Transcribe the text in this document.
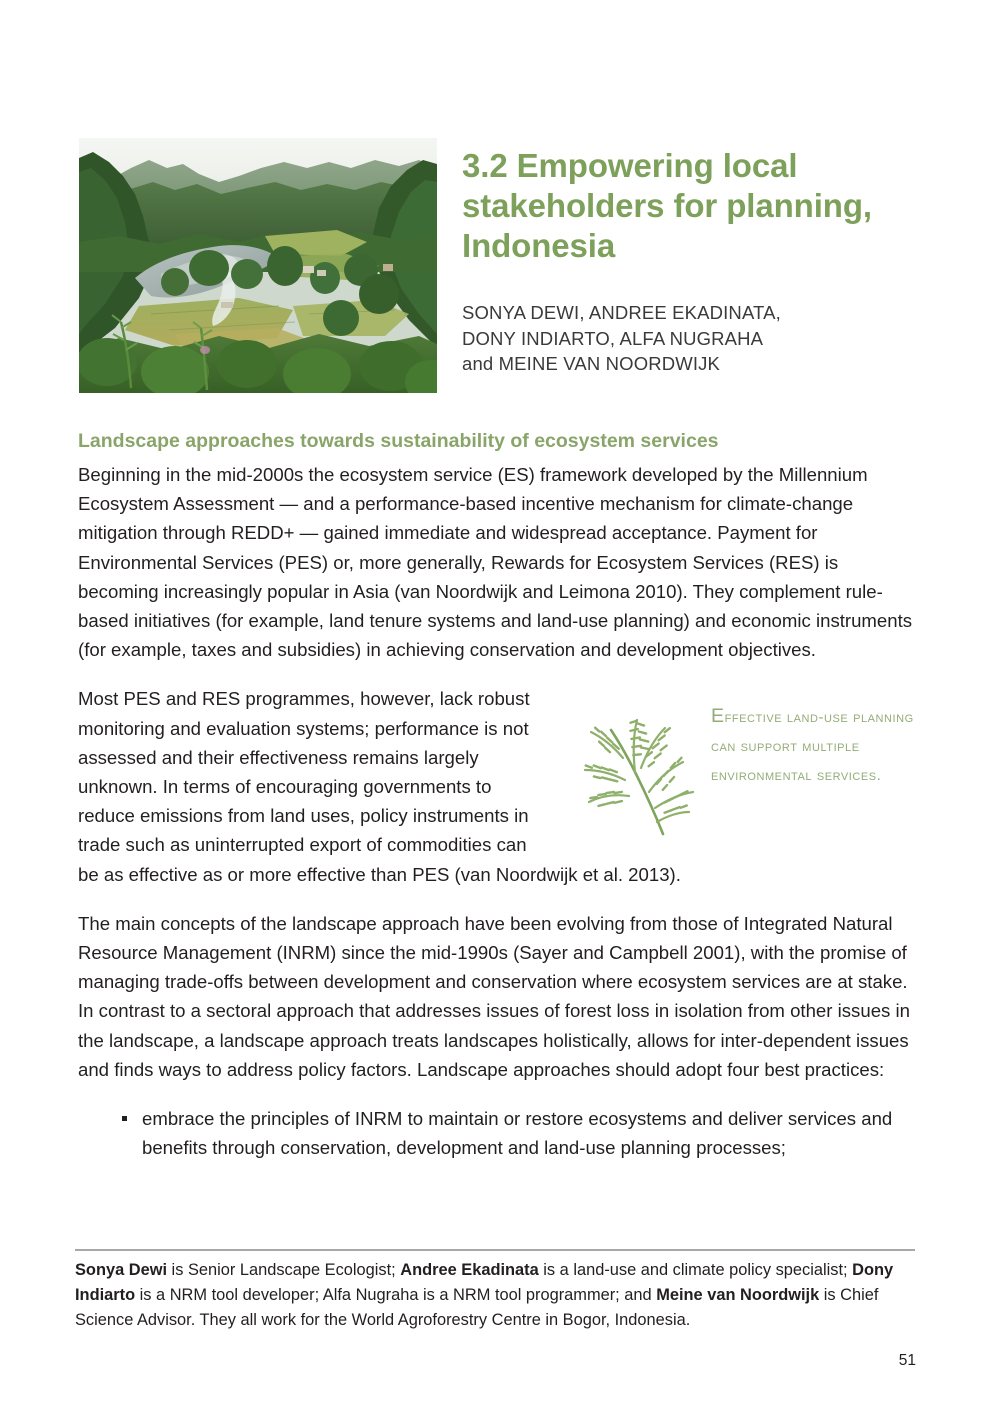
3.2 Empowering local stakeholders for planning, Indonesia
SONYA DEWI, ANDREE EKADINATA,
DONY INDIARTO, ALFA NUGRAHA
and MEINE VAN NOORDWIJK
Landscape approaches towards sustainability of ecosystem services

Beginning in the mid-2000s the ecosystem service (ES) framework developed by the Millennium Ecosystem Assessment — and a performance-based incentive mechanism for climate-change mitigation through REDD+ — gained immediate and widespread acceptance. Payment for Environmental Services (PES) or, more generally, Rewards for Ecosystem Services (RES) is becoming increasingly popular in Asia (van Noordwijk and Leimona 2010). They complement rule-based initiatives (for example, land tenure systems and land-use planning) and economic instruments (for example, taxes and subsidies) in achieving conservation and development objectives.

Effective land-use planning can support multiple environmental services.

Most PES and RES programmes, however, lack robust monitoring and evaluation systems; performance is not assessed and their effectiveness remains largely unknown. In terms of encouraging governments to reduce emissions from land uses, policy instruments in trade such as uninterrupted export of commodities can be as effective as or more effective than PES (van Noordwijk et al. 2013).

The main concepts of the landscape approach have been evolving from those of Integrated Natural Resource Management (INRM) since the mid-1990s (Sayer and Campbell 2001), with the promise of managing trade-offs between development and conservation where ecosystem services are at stake. In contrast to a sectoral approach that addresses issues of forest loss in isolation from other issues in the landscape, a landscape approach treats landscapes holistically, allows for inter-dependent issues and finds ways to address policy factors. Landscape approaches should adopt four best practices:

embrace the principles of INRM to maintain or restore ecosystems and deliver services and benefits through conservation, development and land-use planning processes;
Sonya Dewi is Senior Landscape Ecologist; Andree Ekadinata is a land-use and climate policy specialist; Dony Indiarto is a NRM tool developer; Alfa Nugraha is a NRM tool programmer; and Meine van Noordwijk is Chief Science Advisor. They all work for the World Agroforestry Centre in Bogor, Indonesia.
51
